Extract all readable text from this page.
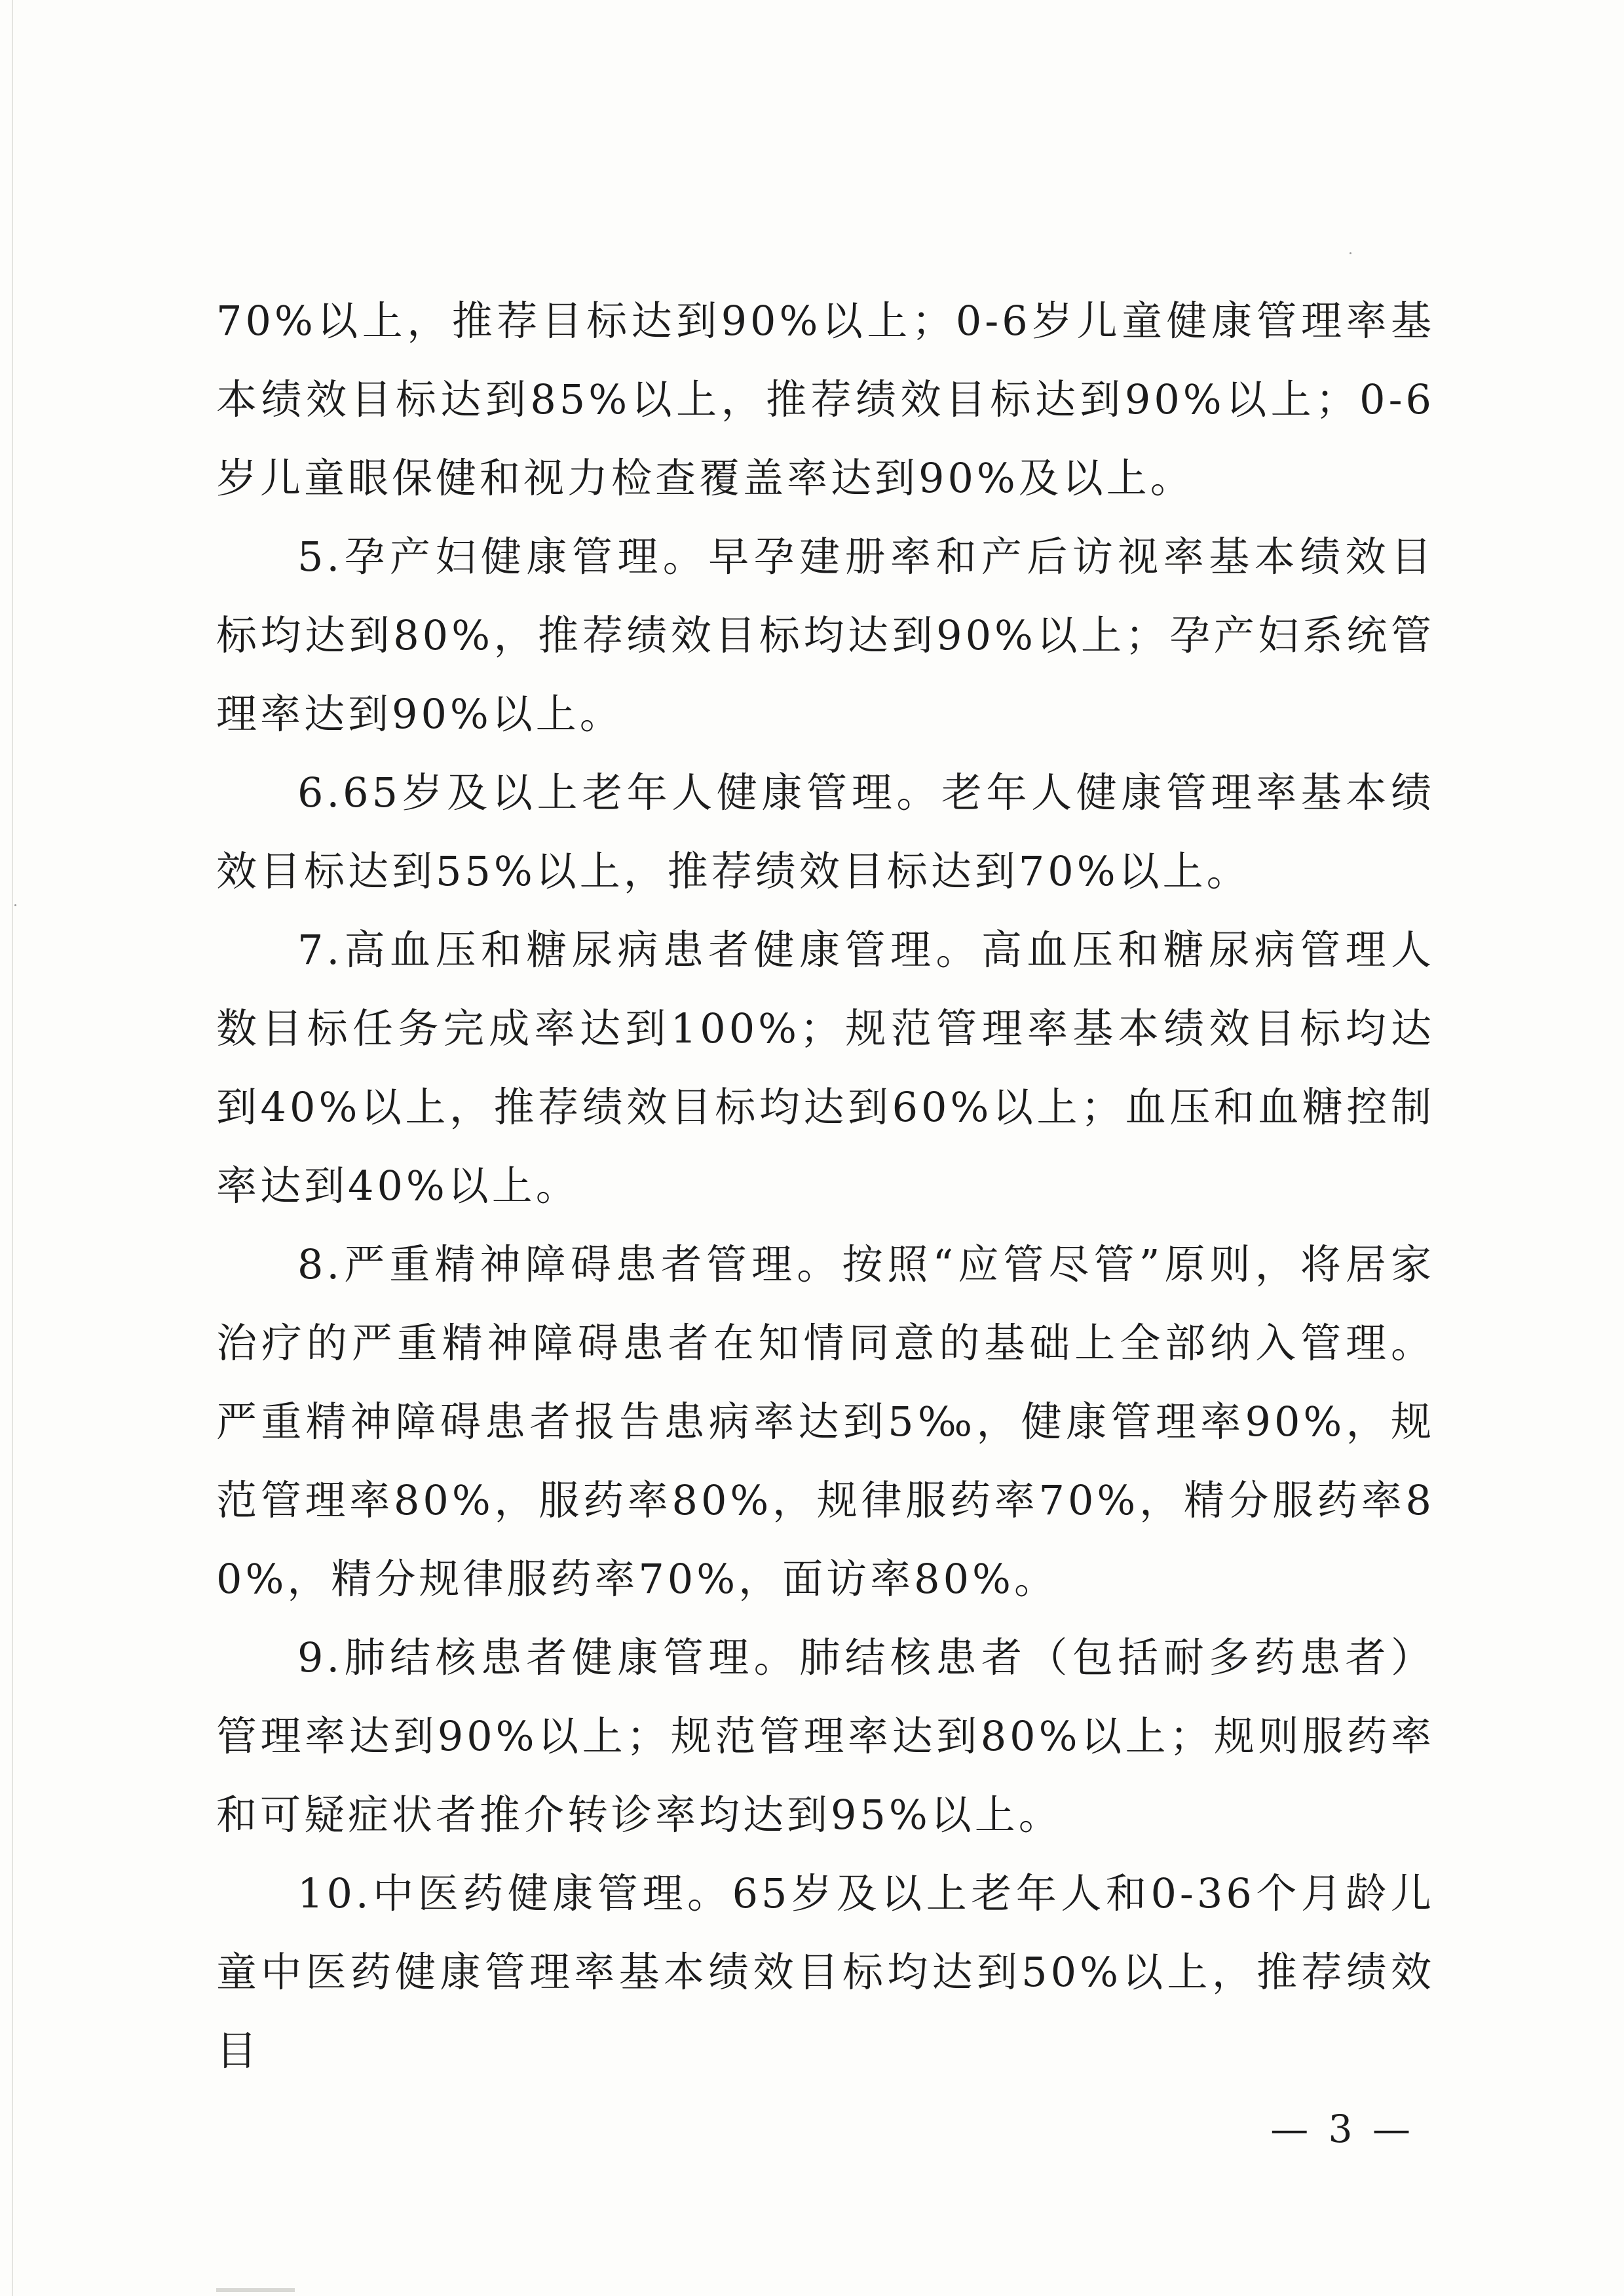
70%以上，推荐目标达到90%以上；0-6岁儿童健康管理率基本绩效目标达到85%以上，推荐绩效目标达到90%以上；0-6岁儿童眼保健和视力检查覆盖率达到90%及以上。

5.孕产妇健康管理。早孕建册率和产后访视率基本绩效目标均达到80%，推荐绩效目标均达到90%以上；孕产妇系统管理率达到90%以上。

6.65岁及以上老年人健康管理。老年人健康管理率基本绩效目标达到55%以上，推荐绩效目标达到70%以上。

7.高血压和糖尿病患者健康管理。高血压和糖尿病管理人数目标任务完成率达到100%；规范管理率基本绩效目标均达到40%以上，推荐绩效目标均达到60%以上；血压和血糖控制率达到40%以上。

8.严重精神障碍患者管理。按照“应管尽管”原则，将居家治疗的严重精神障碍患者在知情同意的基础上全部纳入管理。严重精神障碍患者报告患病率达到5‰，健康管理率90%，规范管理率80%，服药率80%，规律服药率70%，精分服药率80%，精分规律服药率70%，面访率80%。

9.肺结核患者健康管理。肺结核患者（包括耐多药患者）管理率达到90%以上；规范管理率达到80%以上；规则服药率和可疑症状者推介转诊率均达到95%以上。

10.中医药健康管理。65岁及以上老年人和0-36个月龄儿童中医药健康管理率基本绩效目标均达到50%以上，推荐绩效目

— 3 —
